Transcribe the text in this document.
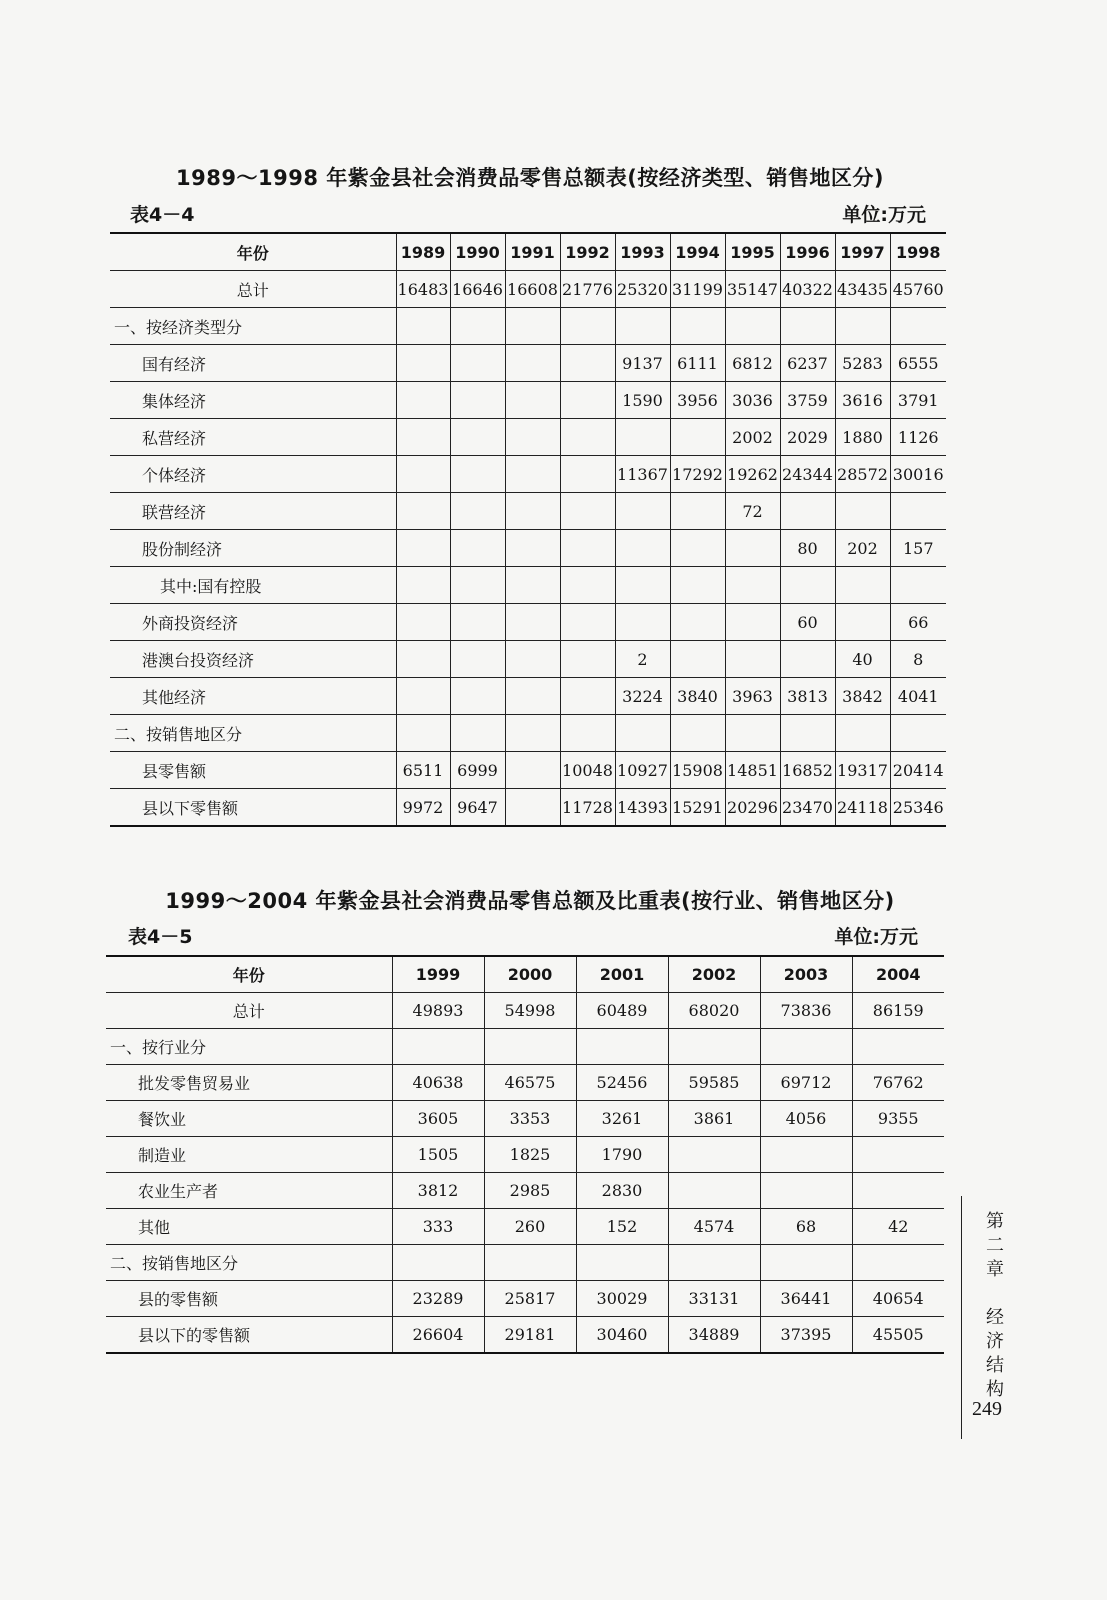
1989～1998 年紫金县社会消费品零售总额表(按经济类型、销售地区分)
表4－4	单位:万元
年份	1989	1990	1991	1992	1993	1994	1995	1996	1997	1998
总计	16483	16646	16608	21776	25320	31199	35147	40322	43435	45760
一、按经济类型分										
国有经济					9137	6111	6812	6237	5283	6555
集体经济					1590	3956	3036	3759	3616	3791
私营经济							2002	2029	1880	1126
个体经济					11367	17292	19262	24344	28572	30016
联营经济							72			
股份制经济								80	202	157
其中:国有控股										
外商投资经济								60		66
港澳台投资经济					2				40	8
其他经济					3224	3840	3963	3813	3842	4041
二、按销售地区分										
县零售额	6511	6999		10048	10927	15908	14851	16852	19317	20414
县以下零售额	9972	9647		11728	14393	15291	20296	23470	24118	25346
1999～2004 年紫金县社会消费品零售总额及比重表(按行业、销售地区分)
表4－5	单位:万元
年份	1999	2000	2001	2002	2003	2004
总计	49893	54998	60489	68020	73836	86159
一、按行业分						
批发零售贸易业	40638	46575	52456	59585	69712	76762
餐饮业	3605	3353	3261	3861	4056	9355
制造业	1505	1825	1790			
农业生产者	3812	2985	2830			
其他	333	260	152	4574	68	42
二、按销售地区分						
县的零售额	23289	25817	30029	33131	36441	40654
县以下的零售额	26604	29181	30460	34889	37395	45505
第
二
章

经
济
结
构
249
